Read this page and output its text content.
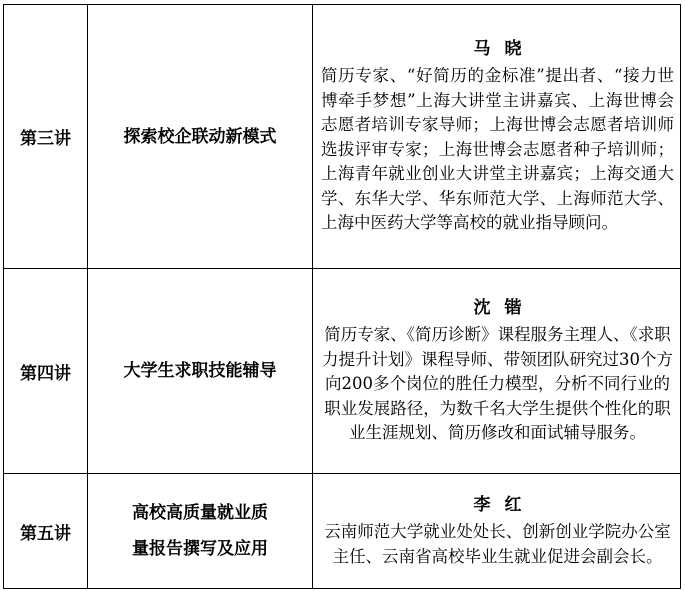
第三讲	探索校企联动新模式	马晓
简历专家、“好简历的金标准”提出者、“接力世博牵手梦想”上海大讲堂主讲嘉宾、上海世博会志愿者培训专家导师；上海世博会志愿者培训师选拔评审专家；上海世博会志愿者种子培训师；上海青年就业创业大讲堂主讲嘉宾；上海交通大学、东华大学、华东师范大学、上海师范大学、上海中医药大学等高校的就业指导顾问。

第四讲	大学生求职技能辅导	沈锴
简历专家、《简历诊断》课程服务主理人、《求职力提升计划》课程导师、带领团队研究过30个方向200多个岗位的胜任力模型，分析不同行业的职业发展路径，为数千名大学生提供个性化的职业生涯规划、简历修改和面试辅导服务。

第五讲	高校高质量就业质量报告撰写及应用	李红
云南师范大学就业处处长、创新创业学院办公室主任、云南省高校毕业生就业促进会副会长。
